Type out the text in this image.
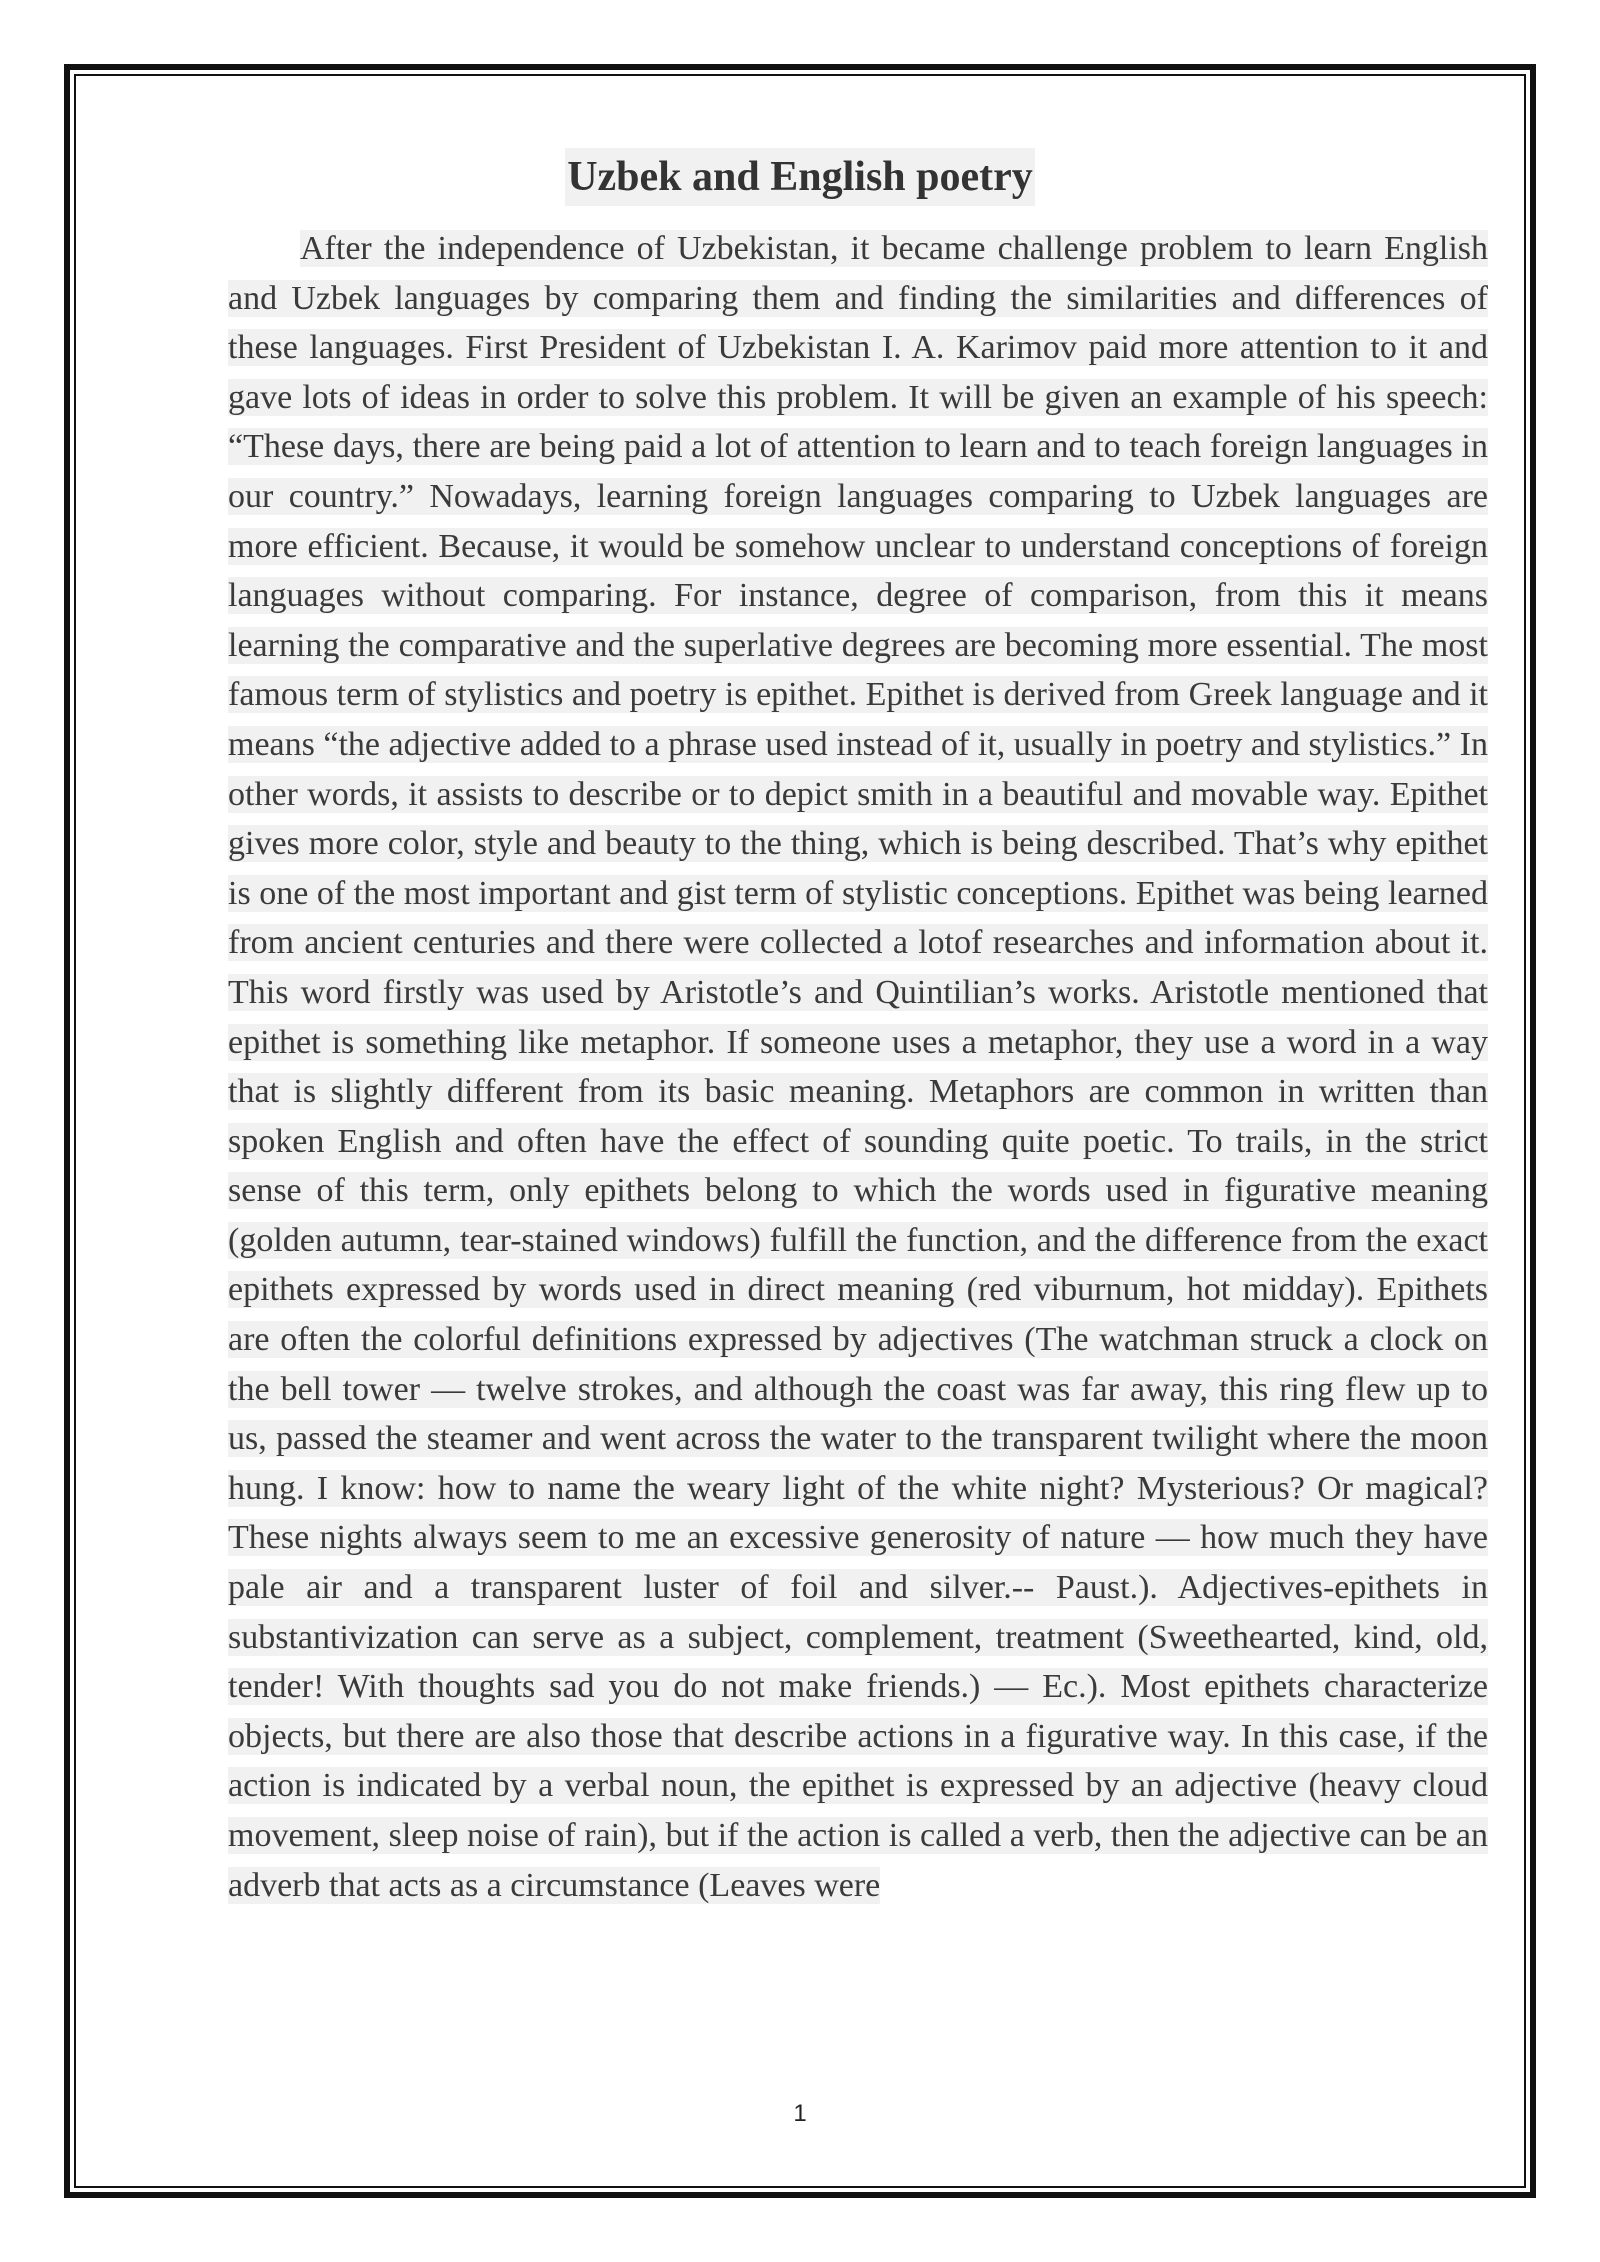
Uzbek and English poetry

After the independence of Uzbekistan, it became challenge problem to learn English and Uzbek languages by comparing them and finding the similarities and differences of these languages. First President of Uzbekistan I. A. Karimov paid more attention to it and gave lots of ideas in order to solve this problem. It will be given an example of his speech: “These days, there are being paid a lot of attention to learn and to teach foreign languages in our country.” Nowadays, learning foreign languages comparing to Uzbek languages are more efficient. Because, it would be somehow unclear to understand conceptions of foreign languages without comparing. For instance, degree of comparison, from this it means learning the comparative and the superlative degrees are becoming more essential. The most famous term of stylistics and poetry is epithet. Epithet is derived from Greek language and it means “the adjective added to a phrase used instead of it, usually in poetry and stylistics.” In other words, it assists to describe or to depict smith in a beautiful and movable way. Epithet gives more color, style and beauty to the thing, which is being described. That’s why epithet is one of the most important and gist term of stylistic conceptions. Epithet was being learned from ancient centuries and there were collected a lotof researches and information about it. This word firstly was used by Aristotle’s and Quintilian’s works. Aristotle mentioned that epithet is something like metaphor. If someone uses a metaphor, they use a word in a way that is slightly different from its basic meaning. Metaphors are common in written than spoken English and often have the effect of sounding quite poetic. To trails, in the strict sense of this term, only epithets belong to which the words used in figurative meaning (golden autumn, tear-stained windows) fulfill the function, and the difference from the exact epithets expressed by words used in direct meaning (red viburnum, hot midday). Epithets are often the colorful definitions expressed by adjectives (The watchman struck a clock on the bell tower — twelve strokes, and although the coast was far away, this ring flew up to us, passed the steamer and went across the water to the transparent twilight where the moon hung. I know: how to name the weary light of the white night? Mysterious? Or magical? These nights always seem to me an excessive generosity of nature — how much they have pale air and a transparent luster of foil and silver.-- Paust.). Adjectives-epithets in substantivization can serve as a subject, complement, treatment (Sweethearted, kind, old, tender! With thoughts sad you do not make friends.) — Ec.). Most epithets characterize objects, but there are also those that describe actions in a figurative way. In this case, if the action is indicated by a verbal noun, the epithet is expressed by an adjective (heavy cloud movement, sleep noise of rain), but if the action is called a verb, then the adjective can be an adverb that acts as a circumstance (Leaves were

1
